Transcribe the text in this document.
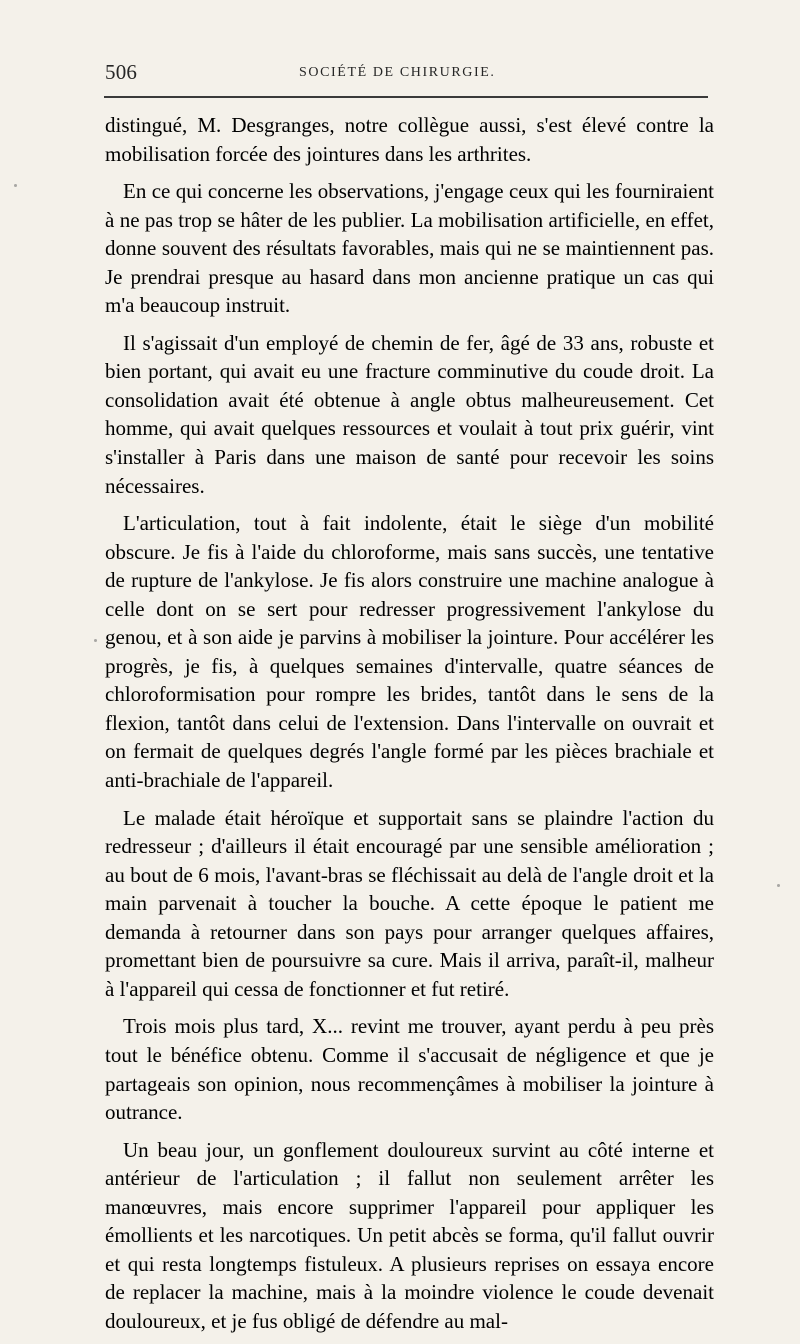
506	SOCIÉTÉ DE CHIRURGIE.

distingué, M. Desgranges, notre collègue aussi, s'est élevé contre la mobilisation forcée des jointures dans les arthrites.

En ce qui concerne les observations, j'engage ceux qui les fourniraient à ne pas trop se hâter de les publier. La mobilisation artificielle, en effet, donne souvent des résultats favorables, mais qui ne se maintiennent pas. Je prendrai presque au hasard dans mon ancienne pratique un cas qui m'a beaucoup instruit.

Il s'agissait d'un employé de chemin de fer, âgé de 33 ans, robuste et bien portant, qui avait eu une fracture comminutive du coude droit. La consolidation avait été obtenue à angle obtus malheureusement. Cet homme, qui avait quelques ressources et voulait à tout prix guérir, vint s'installer à Paris dans une maison de santé pour recevoir les soins nécessaires.

L'articulation, tout à fait indolente, était le siège d'un mobilité obscure. Je fis à l'aide du chloroforme, mais sans succès, une tentative de rupture de l'ankylose. Je fis alors construire une machine analogue à celle dont on se sert pour redresser progressivement l'ankylose du genou, et à son aide je parvins à mobiliser la jointure. Pour accélérer les progrès, je fis, à quelques semaines d'intervalle, quatre séances de chloroformisation pour rompre les brides, tantôt dans le sens de la flexion, tantôt dans celui de l'extension. Dans l'intervalle on ouvrait et on fermait de quelques degrés l'angle formé par les pièces brachiale et anti-brachiale de l'appareil.

Le malade était héroïque et supportait sans se plaindre l'action du redresseur ; d'ailleurs il était encouragé par une sensible amélioration ; au bout de 6 mois, l'avant-bras se fléchissait au delà de l'angle droit et la main parvenait à toucher la bouche. A cette époque le patient me demanda à retourner dans son pays pour arranger quelques affaires, promettant bien de poursuivre sa cure. Mais il arriva, paraît-il, malheur à l'appareil qui cessa de fonctionner et fut retiré.

Trois mois plus tard, X... revint me trouver, ayant perdu à peu près tout le bénéfice obtenu. Comme il s'accusait de négligence et que je partageais son opinion, nous recommençâmes à mobiliser la jointure à outrance.

Un beau jour, un gonflement douloureux survint au côté interne et antérieur de l'articulation ; il fallut non seulement arrêter les manœuvres, mais encore supprimer l'appareil pour appliquer les émollients et les narcotiques. Un petit abcès se forma, qu'il fallut ouvrir et qui resta longtemps fistuleux. A plusieurs reprises on essaya encore de replacer la machine, mais à la moindre violence le coude devenait douloureux, et je fus obligé de défendre au mal-
